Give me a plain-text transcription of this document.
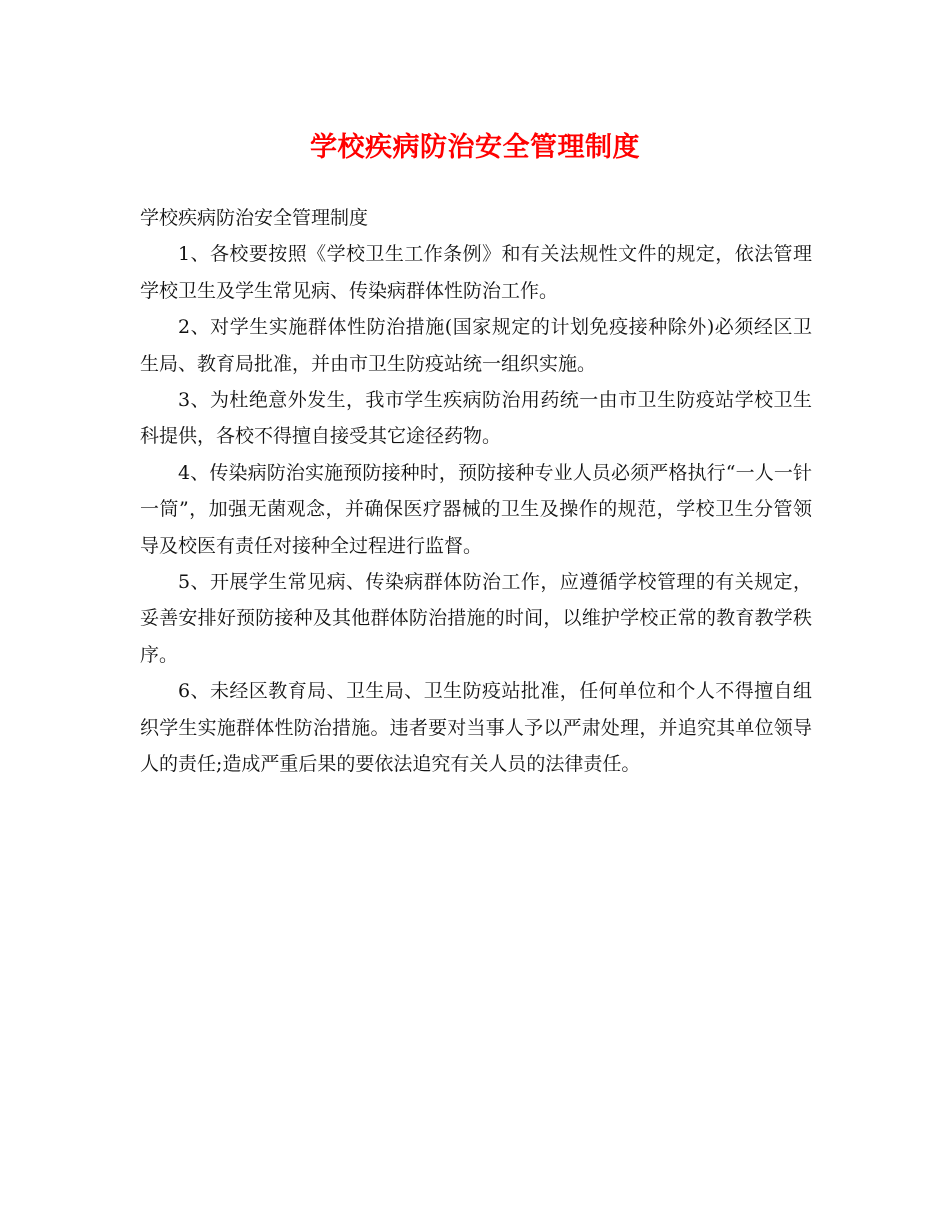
学校疾病防治安全管理制度

学校疾病防治安全管理制度

1、各校要按照《学校卫生工作条例》和有关法规性文件的规定，依法管理学校卫生及学生常见病、传染病群体性防治工作。

2、对学生实施群体性防治措施(国家规定的计划免疫接种除外)必须经区卫生局、教育局批准，并由市卫生防疫站统一组织实施。

3、为杜绝意外发生，我市学生疾病防治用药统一由市卫生防疫站学校卫生科提供，各校不得擅自接受其它途径药物。

4、传染病防治实施预防接种时，预防接种专业人员必须严格执行“一人一针一筒”，加强无菌观念，并确保医疗器械的卫生及操作的规范，学校卫生分管领导及校医有责任对接种全过程进行监督。

5、开展学生常见病、传染病群体防治工作，应遵循学校管理的有关规定，妥善安排好预防接种及其他群体防治措施的时间，以维护学校正常的教育教学秩序。

6、未经区教育局、卫生局、卫生防疫站批准，任何单位和个人不得擅自组织学生实施群体性防治措施。违者要对当事人予以严肃处理，并追究其单位领导人的责任;造成严重后果的要依法追究有关人员的法律责任。
